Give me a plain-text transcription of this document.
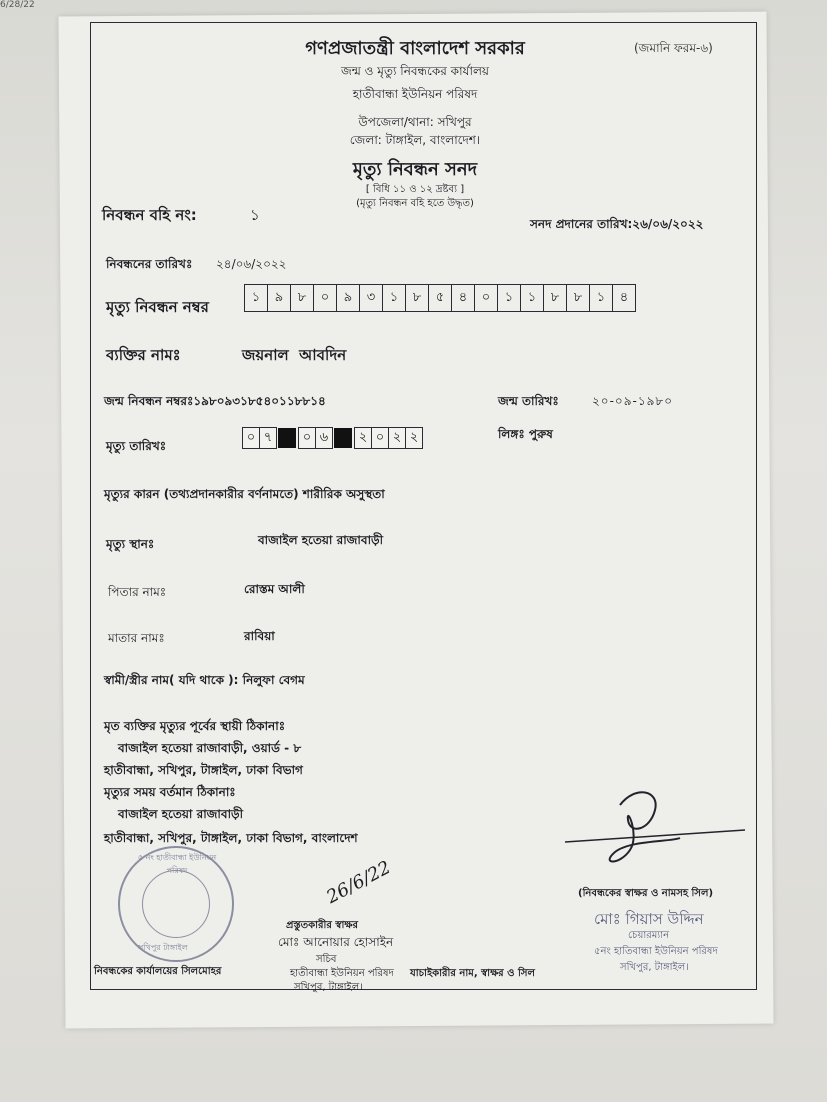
6/28/22
গণপ্রজাতন্ত্রী বাংলাদেশ সরকার	(জমানি ফরম-৬)
জন্ম ও মৃত্যু নিবন্ধকের কার্যালয়
হাতীবান্ধা ইউনিয়ন পরিষদ
উপজেলা/থানা: সখিপুর
জেলা: টাঙ্গাইল, বাংলাদেশ।
মৃত্যু নিবন্ধন সনদ
[ বিধি ১১ ও ১২ দ্রষ্টব্য ]
(মৃত্যু নিবন্ধন বহি হতে উদ্ধৃত)
নিবন্ধন বহি নং:	১	সনদ প্রদানের তারিখ:২৬/০৬/২০২২
নিবন্ধনের তারিখঃ ২৪/০৬/২০২২
মৃত্যু নিবন্ধন নম্বর
১	৯	৮	০	৯	৩	১	৮	৫	৪	০	১	১	৮	৮	১	৪
ব্যক্তির নামঃ	জয়নাল  আবদিন
জন্ম নিবন্ধন নম্বরঃ১৯৮০৯৩১৮৫৪০১১৮৮১৪	জন্ম তারিখঃ	২০-০৯-১৯৮০
মৃত্যু তারিখঃ
০ ৭	০ ৬	২ ০ ২ ২	লিঙ্গঃ পুরুষ
মৃত্যুর কারন (তথ্যপ্রদানকারীর বর্ণনামতে) শারীরিক অসুস্থতা
মৃত্যু স্থানঃ	বাজাইল হতেয়া রাজাবাড়ী
পিতার নামঃ	রোস্তম আলী
মাতার নামঃ	রাবিয়া
স্বামী/স্ত্রীর নাম( যদি থাকে ): নিলুফা বেগম
মৃত ব্যক্তির মৃত্যুর পূর্বের স্থায়ী ঠিকানাঃ
বাজাইল হতেয়া রাজাবাড়ী, ওয়ার্ড - ৮
হাতীবান্ধা, সখিপুর, টাঙ্গাইল, ঢাকা বিভাগ
মৃত্যুর সময় বর্তমান ঠিকানাঃ
বাজাইল হতেয়া রাজাবাড়ী
হাতীবান্ধা, সখিপুর, টাঙ্গাইল, ঢাকা বিভাগ, বাংলাদেশ
(নিবন্ধকের স্বাক্ষর ও নামসহ সিল)
মোঃ গিয়াস উদ্দিন
চেয়ারম্যান
৫নং হাতিবান্ধা ইউনিয়ন পরিষদ
সখিপুর, টাঙ্গাইল।
26/6/22
প্রস্তুতকারীর স্বাক্ষর
মোঃ আনোয়ার হোসাইন
সচিব
হাতীবান্ধা ইউনিয়ন পরিষদ
সখিপুর, টাঙ্গাইল।
নিবন্ধকের কার্যালয়ের সিলমোহর	যাচাইকারীর নাম, স্বাক্ষর ও সিল
৫ নং হাতীবান্ধা ইউনিয়ন পরিষদ
সখিপুর টাঙ্গাইল
